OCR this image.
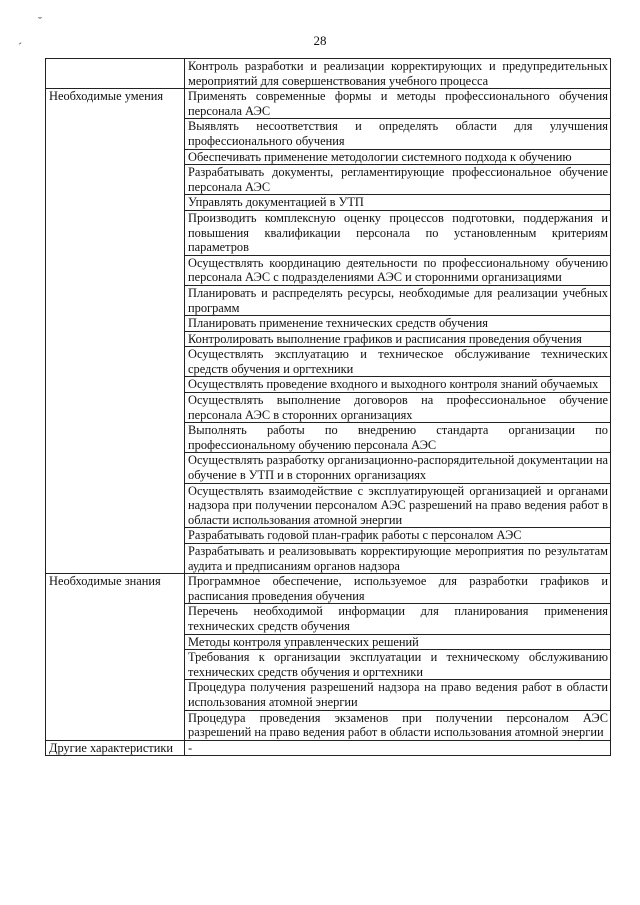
˘
´	28

	Контроль разработки и реализации корректирующих и предупредительных мероприятий для совершенствования учебного процесса

Необходимые умения	Применять современные формы и методы профессионального обучения персонала АЭС

	Выявлять несоответствия и определять области для улучшения профессионального обучения

	Обеспечивать применение методологии системного подхода к обучению

	Разрабатывать документы, регламентирующие профессиональное обучение персонала АЭС

	Управлять документацией в УТП

	Производить комплексную оценку процессов подготовки, поддержания и повышения квалификации персонала по установленным критериям параметров

	Осуществлять координацию деятельности по профессиональному обучению персонала АЭС с подразделениями АЭС и сторонними организациями

	Планировать и распределять ресурсы, необходимые для реализации учебных программ

	Планировать применение технических средств обучения

	Контролировать выполнение графиков и расписания проведения обучения

	Осуществлять эксплуатацию и техническое обслуживание технических средств обучения и оргтехники

	Осуществлять проведение входного и выходного контроля знаний обучаемых

	Осуществлять выполнение договоров на профессиональное обучение персонала АЭС в сторонних организациях

	Выполнять работы по внедрению стандарта организации по профессиональному обучению персонала АЭС

	Осуществлять разработку организационно-распорядительной документации на обучение в УТП и в сторонних организациях

	Осуществлять взаимодействие с эксплуатирующей организацией и органами надзора при получении персоналом АЭС разрешений на право ведения работ в области использования атомной энергии

	Разрабатывать годовой план-график работы с персоналом АЭС

	Разрабатывать и реализовывать корректирующие мероприятия по результатам аудита и предписаниям органов надзора

Необходимые знания	Программное обеспечение, используемое для разработки графиков и расписания проведения обучения

	Перечень необходимой информации для планирования применения технических средств обучения

	Методы контроля управленческих решений

	Требования к организации эксплуатации и техническому обслуживанию технических средств обучения и оргтехники

	Процедура получения разрешений надзора на право ведения работ в области использования атомной энергии

	Процедура проведения экзаменов при получении персоналом АЭС разрешений на право ведения работ в области использования атомной энергии

Другие характеристики	-
